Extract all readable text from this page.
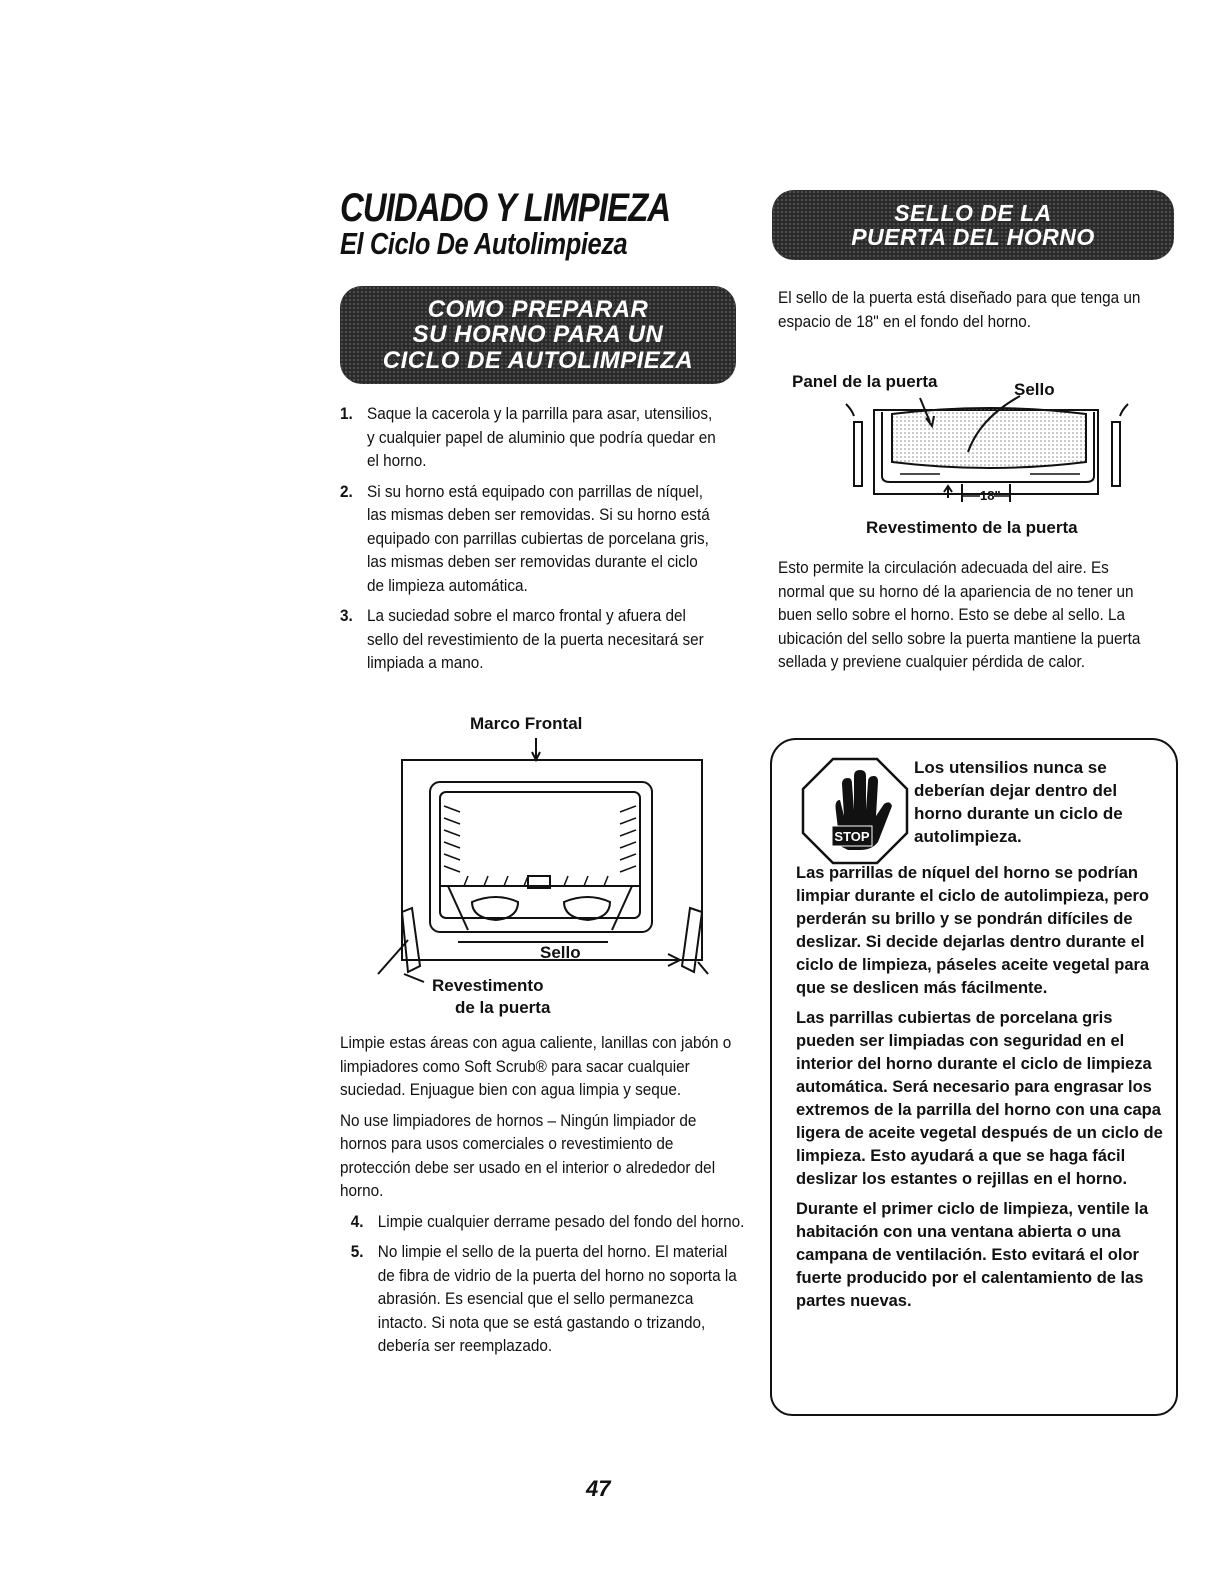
CUIDADO Y LIMPIEZA
El Ciclo De Autolimpieza
COMO PREPARAR
SU HORNO PARA UN
CICLO DE AUTOLIMPIEZA
SELLO DE LA
PUERTA DEL HORNO
1. Saque la cacerola y la parrilla para asar, utensilios, y cualquier papel de aluminio que podría quedar en el horno.
2. Si su horno está equipado con parrillas de níquel, las mismas deben ser removidas. Si su horno está equipado con parrillas cubiertas de porcelana gris, las mismas deben ser removidas durante el ciclo de limpieza automática.
3. La suciedad sobre el marco frontal y afuera del sello del revestimiento de la puerta necesitará ser limpiada a mano.
Marco Frontal
Sello
Revestimento
de la puerta

Limpie estas áreas con agua caliente, lanillas con jabón o limpiadores como Soft Scrub® para sacar cualquier suciedad. Enjuague bien con agua limpia y seque.

No use limpiadores de hornos – Ningún limpiador de hornos para usos comerciales o revestimiento de protección debe ser usado en el interior o alrededor del horno.

4. Limpie cualquier derrame pesado del fondo del horno.
5. No limpie el sello de la puerta del horno. El material de fibra de vidrio de la puerta del horno no soporta la abrasión. Es esencial que el sello permanezca intacto. Si nota que se está gastando o trizando, debería ser reemplazado.
El sello de la puerta está diseñado para que tenga un espacio de 18" en el fondo del horno.
Panel de la puerta	Sello
18"
Revestimento de la puerta
Esto permite la circulación adecuada del aire. Es normal que su horno dé la apariencia de no tener un buen sello sobre el horno. Esto se debe al sello. La ubicación del sello sobre la puerta mantiene la puerta sellada y previene cualquier pérdida de calor.
STOP
Los utensilios nunca se deberían dejar dentro del horno durante un ciclo de autolimpieza.

Las parrillas de níquel del horno se podrían limpiar durante el ciclo de autolimpieza, pero perderán su brillo y se pondrán difíciles de deslizar. Si decide dejarlas dentro durante el ciclo de limpieza, páseles aceite vegetal para que se deslicen más fácilmente.

Las parrillas cubiertas de porcelana gris pueden ser limpiadas con seguridad en el interior del horno durante el ciclo de limpieza automática. Será necesario para engrasar los extremos de la parrilla del horno con una capa ligera de aceite vegetal después de un ciclo de limpieza. Esto ayudará a que se haga fácil deslizar los estantes o rejillas en el horno.

Durante el primer ciclo de limpieza, ventile la habitación con una ventana abierta o una campana de ventilación. Esto evitará el olor fuerte producido por el calentamiento de las partes nuevas.

47
